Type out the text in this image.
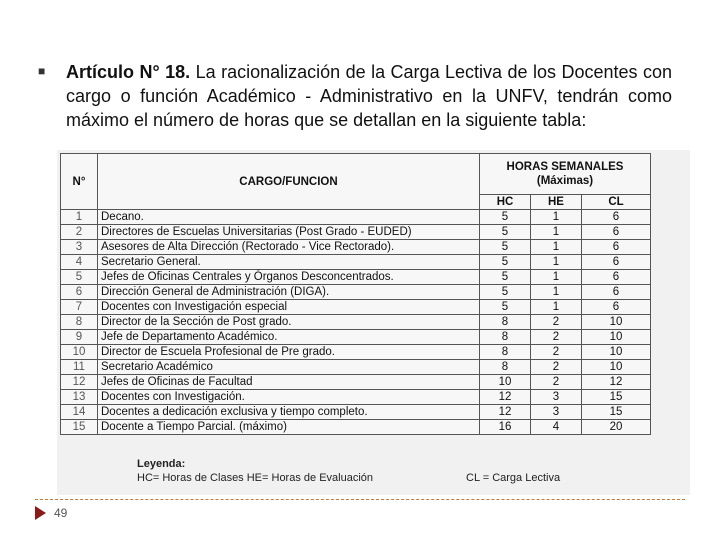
■ Artículo N° 18. La racionalización de la Carga Lectiva de los Docentes con cargo o función Académico - Administrativo en la UNFV, tendrán como máximo el número de horas que se detallan en la siguiente tabla:
N°	CARGO/FUNCION	HORAS SEMANALES
(Máximas)		
		HC	HE	CL
1	Decano.	5	1	6
2	Directores de Escuelas Universitarias (Post Grado - EUDED)	5	1	6
3	Asesores de Alta Dirección (Rectorado - Vice Rectorado).	5	1	6
4	Secretario General.	5	1	6
5	Jefes de Oficinas Centrales y Órganos Desconcentrados.	5	1	6
6	Dirección General de Administración (DIGA).	5	1	6
7	Docentes con Investigación especial	5	1	6
8	Director de la Sección de Post grado.	8	2	10
9	Jefe de Departamento Académico.	8	2	10
10	Director de Escuela Profesional de Pre grado.	8	2	10
11	Secretario Académico	8	2	10
12	Jefes de Oficinas de Facultad	10	2	12
13	Docentes con Investigación.	12	3	15
14	Docentes a dedicación exclusiva y tiempo completo.	12	3	15
15	Docente a Tiempo Parcial. (máximo)	16	4	20
Leyenda:
HC= Horas de Clases HE= Horas de Evaluación	CL = Carga Lectiva
49
